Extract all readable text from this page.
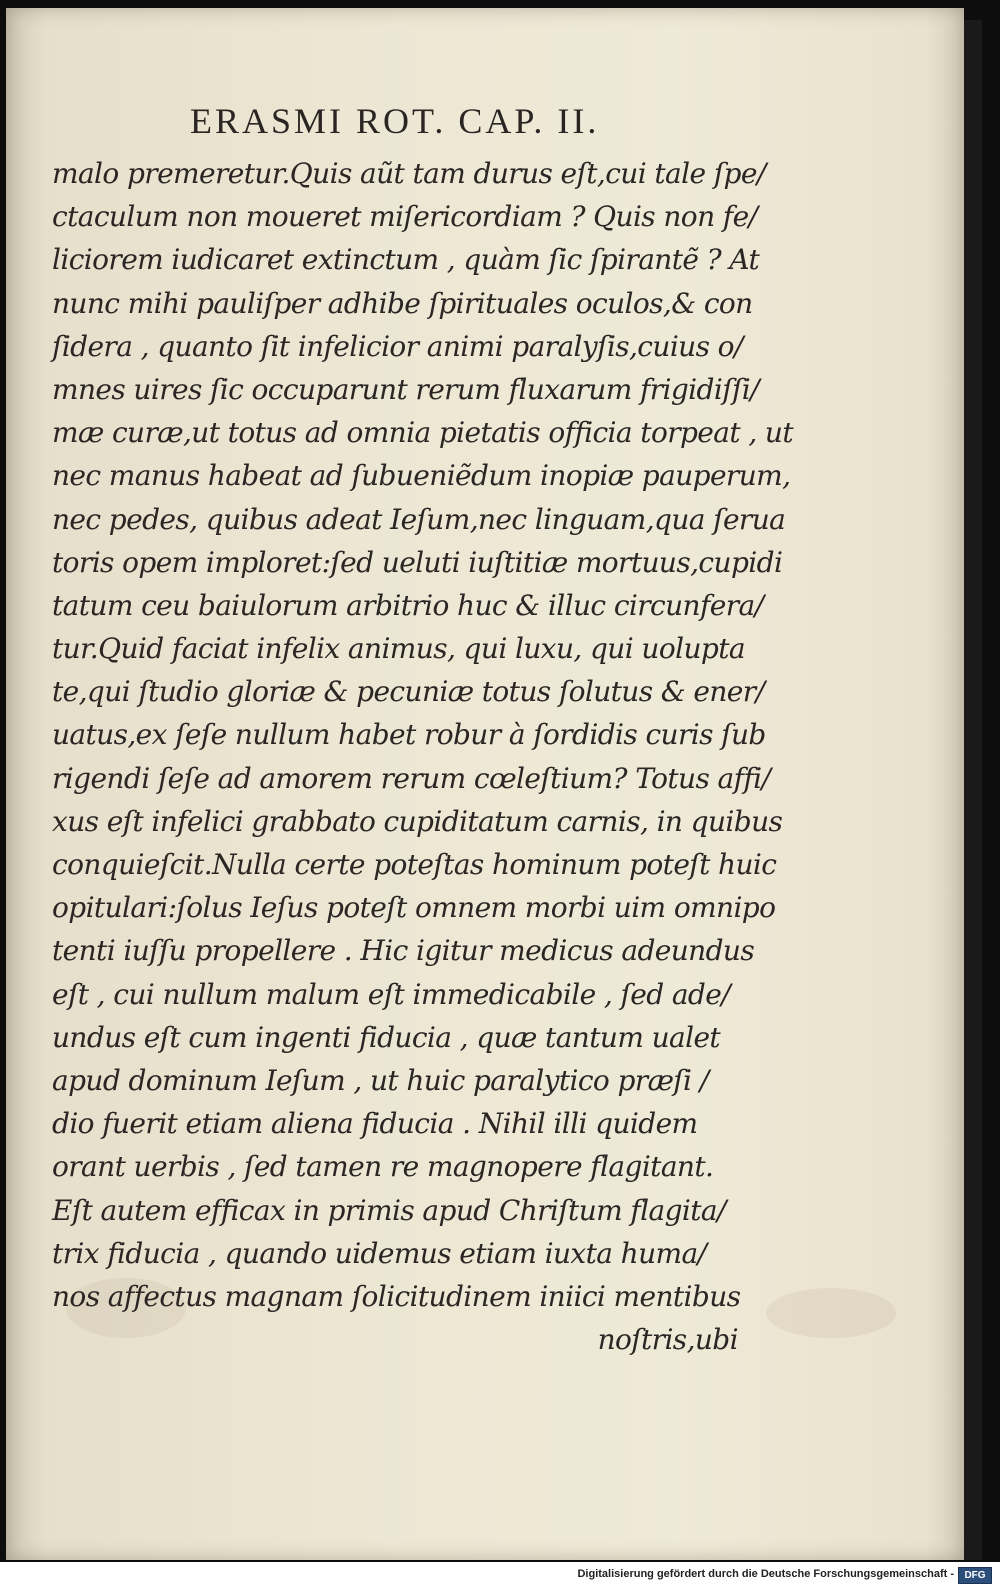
ERASMI ROT. CAP. II.
malo premeretur.Quis aũt tam durus eſt,cui tale ſpe/
ctaculum non moueret miſericordiam ? Quis non fe/
liciorem iudicaret extinctum , quàm ſic ſpirantẽ ? At
nunc mihi pauliſper adhibe ſpirituales oculos,& con
ſidera , quanto ſit infelicior animi paralyſis,cuius o/
mnes uires ſic occuparunt rerum fluxarum frigidiſſi/
mæ curæ,ut totus ad omnia pietatis officia torpeat , ut
nec manus habeat ad ſubueniẽdum inopiæ pauperum,
nec pedes, quibus adeat Ieſum,nec linguam,qua ſerua
toris opem imploret:ſed ueluti iuſtitiæ mortuus,cupidi
tatum ceu baiulorum arbitrio huc & illuc circunfera/
tur.Quid faciat infelix animus, qui luxu, qui uolupta
te,qui ſtudio gloriæ & pecuniæ totus ſolutus & ener/
uatus,ex ſeſe nullum habet robur à ſordidis curis ſub
rigendi ſeſe ad amorem rerum cœleſtium? Totus affi/
xus eſt infelici grabbato cupiditatum carnis, in quibus
conquieſcit.Nulla certe poteſtas hominum poteſt huic
opitulari:ſolus Ieſus poteſt omnem morbi uim omnipo
tenti iuſſu propellere . Hic igitur medicus adeundus
eſt , cui nullum malum eſt immedicabile , ſed ade/
undus eſt cum ingenti fiducia , quæ tantum ualet
apud dominum Ieſum , ut huic paralytico præſi /
dio fuerit etiam aliena fiducia . Nihil illi quidem
orant uerbis , ſed tamen re magnopere flagitant.
Eſt autem efficax in primis apud Chriſtum flagita/
trix fiducia , quando uidemus etiam iuxta huma/
nos affectus magnam ſolicitudinem iniici mentibus
noſtris,ubi
Digitalisierung gefördert durch die Deutsche Forschungsgemeinschaft -	DFG
